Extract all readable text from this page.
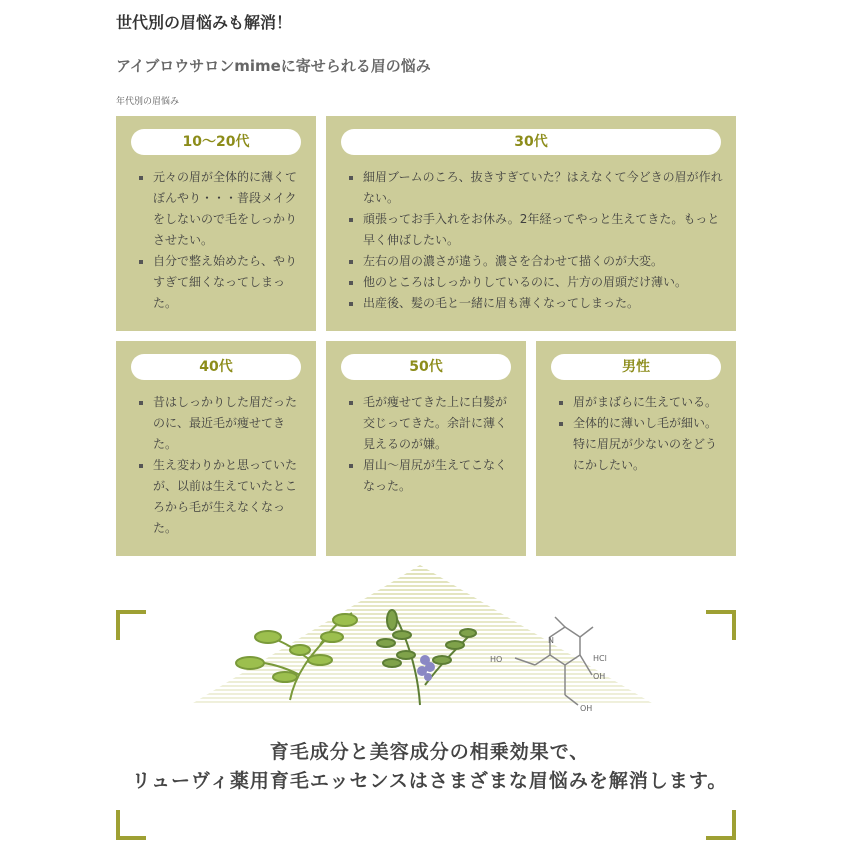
世代別の眉悩みも解消！
アイブロウサロンmimeに寄せられる眉の悩み
年代別の眉悩み
10〜20代
元々の眉が全体的に薄くてぼんやり・・・普段メイクをしないので毛をしっかりさせたい。
自分で整え始めたら、やりすぎて細くなってしまった。
30代
細眉ブームのころ、抜きすぎていた？はえなくて今どきの眉が作れない。
頑張ってお手入れをお休み。2年経ってやっと生えてきた。もっと早く伸ばしたい。
左右の眉の濃さが違う。濃さを合わせて描くのが大変。
他のところはしっかりしているのに、片方の眉頭だけ薄い。
出産後、髪の毛と一緒に眉も薄くなってしまった。
40代
昔はしっかりした眉だったのに、最近毛が痩せてきた。
生え変わりかと思っていたが、以前は生えていたところから毛が生えなくなった。
50代
毛が痩せてきた上に白髪が交じってきた。余計に薄く見えるのが嫌。
眉山〜眉尻が生えてこなくなった。
男性
眉がまばらに生えている。
全体的に薄いし毛が細い。特に眉尻が少ないのをどうにかしたい。
N
HO	HCl
OH
OH
育毛成分と美容成分の相乗効果で、
リューヴィ薬用育毛エッセンスはさまざまな眉悩みを解消します。
